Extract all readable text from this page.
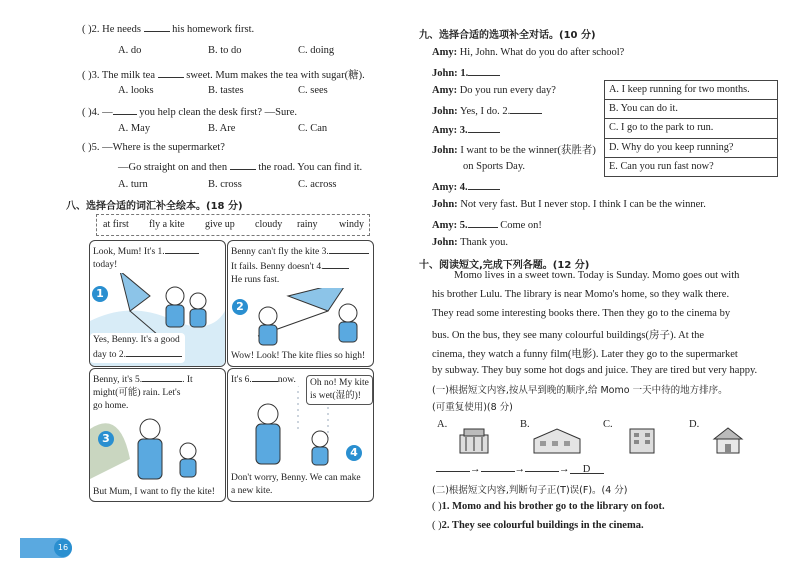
( )2. He needs	his homework first.
A. do	B. to do	C. doing
( )3. The milk tea	sweet. Mum makes the tea with sugar(糖).
A. looks	B. tastes	C. sees
( )4. —	you help clean the desk first? —Sure.
A. May	B. Are	C. Can
( )5. —Where is the supermarket?
—Go straight on and then	the road. You can find it.
A. turn	B. cross	C. across
八、选择合适的词汇补全绘本。(18 分)
at first fly a kite give up cloudy rainy windy
Look, Mum! It's 1.
today!
Yes, Benny. It's a good
day to 2.
1
Benny can't fly the kite 3.
It fails. Benny doesn't 4.
He runs fast.
Wow! Look! The kite flies so high!
2
Benny, it's 5.	. It
might(可能) rain. Let's
go home.
But Mum, I want to fly the kite!
3
It's 6.	now.	Oh no! My kite
is wet(湿的)!
Don't worry, Benny. We can make
a new kite.
4
16
九、选择合适的选项补全对话。(10 分)
Amy: Hi, John. What do you do after school?
John: 1.
Amy: Do you run every day?
John: Yes, I do. 2.
Amy: 3.
John: I want to be the winner(获胜者)
on Sports Day.
Amy: 4.
John: Not very fast. But I never stop. I think I can be the winner.
Amy: 5.	Come on!
John: Thank you.
A. I keep running for two months.
B. You can do it.
C. I go to the park to run.
D. Why do you keep running?
E. Can you run fast now?
十、阅读短文,完成下列各题。(12 分)
Momo lives in a sweet town. Today is Sunday. Momo goes out with
his brother Lulu. The library is near Momo's home, so they walk there.
They read some interesting books there. Then they go to the cinema by
bus. On the bus, they see many colourful buildings(房子). At the
cinema, they watch a funny film(电影). Later they go to the supermarket
by subway. They buy some hot dogs and juice. They are tired but very happy.
(一)根据短文内容,按从早到晚的顺序,给 Momo 一天中待的地方排序。
(可重复使用)(8 分)
A.	B.	C.	D.
→	→	→ D
(二)根据短文内容,判断句子正(T)误(F)。(4 分)
( )1. Momo and his brother go to the library on foot.
( )2. They see colourful buildings in the cinema.
